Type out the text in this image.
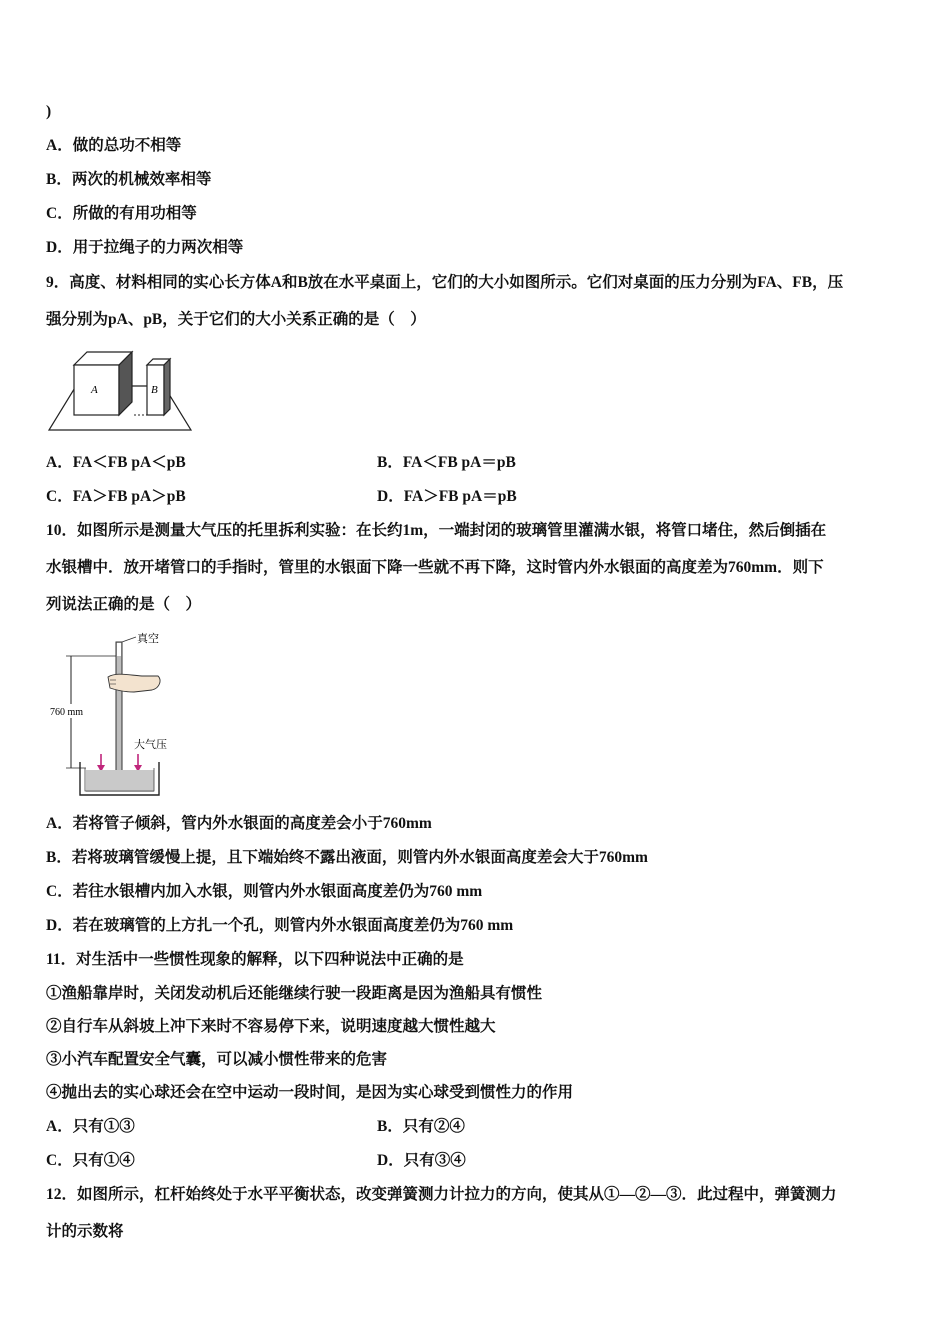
)
A．做的总功不相等
B．两次的机械效率相等
C．所做的有用功相等
D．用于拉绳子的力两次相等
9．高度、材料相同的实心长方体A和B放在水平桌面上，它们的大小如图所示。它们对桌面的压力分别为FA、FB，压
强分别为pA、pB，关于它们的大小关系正确的是（　）
A	B
A．FA＜FB pA＜pB	B．FA＜FB pA＝pB
C．FA＞FB pA＞pB	D．FA＞FB pA＝pB
10．如图所示是测量大气压的托里拆利实验：在长约1m，一端封闭的玻璃管里灌满水银，将管口堵住，然后倒插在
水银槽中．放开堵管口的手指时，管里的水银面下降一些就不再下降，这时管内外水银面的高度差为760mm．则下
列说法正确的是（　）
760 mm
真空
大气压
A．若将管子倾斜，管内外水银面的高度差会小于760mm
B．若将玻璃管缓慢上提，且下端始终不露出液面，则管内外水银面高度差会大于760mm
C．若往水银槽内加入水银，则管内外水银面高度差仍为760 mm
D．若在玻璃管的上方扎一个孔，则管内外水银面高度差仍为760 mm
11．对生活中一些惯性现象的解释，以下四种说法中正确的是
①渔船靠岸时，关闭发动机后还能继续行驶一段距离是因为渔船具有惯性
②自行车从斜坡上冲下来时不容易停下来，说明速度越大惯性越大
③小汽车配置安全气囊，可以减小惯性带来的危害
④抛出去的实心球还会在空中运动一段时间，是因为实心球受到惯性力的作用
A．只有①③	B．只有②④
C．只有①④	D．只有③④
12．如图所示，杠杆始终处于水平平衡状态，改变弹簧测力计拉力的方向，使其从①—②—③．此过程中，弹簧测力
计的示数将
